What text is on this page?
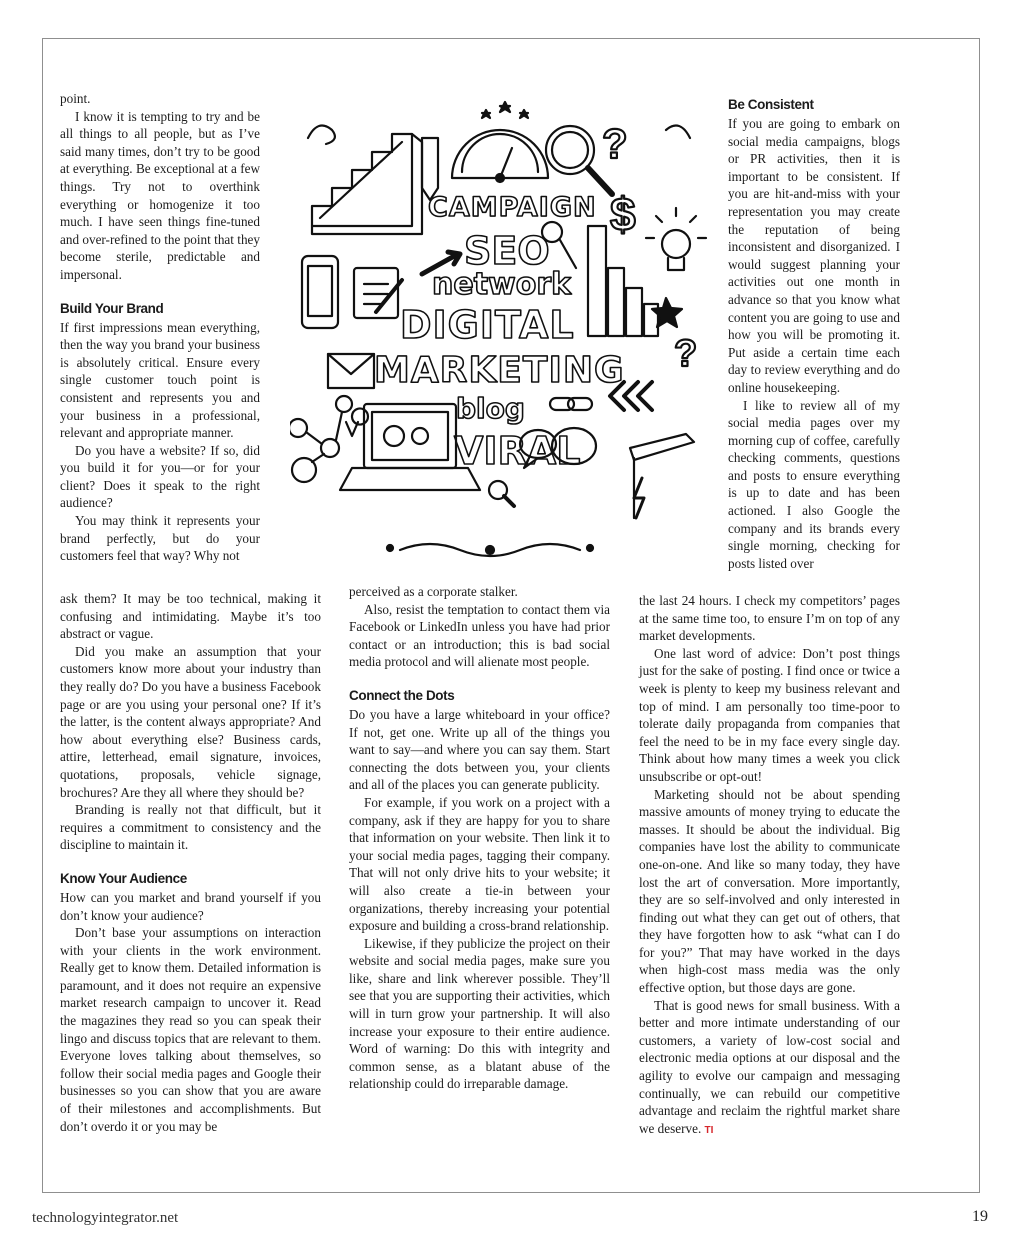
point.

I know it is tempting to try and be all things to all people, but as I’ve said many times, don’t try to be good at everything. Be exceptional at a few things. Try not to overthink everything or homogenize it too much. I have seen things fine-tuned and over-refined to the point that they become sterile, predictable and impersonal.

Build Your Brand

If first impressions mean everything, then the way you brand your business is absolutely critical. Ensure every single customer touch point is consistent and represents you and your business in a professional, relevant and appropriate manner.

Do you have a website? If so, did you build it for you—or for your client? Does it speak to the right audience?

You may think it represents your brand perfectly, but do your customers feel that way? Why not

ask them? It may be too technical, making it confusing and intimidating. Maybe it’s too abstract or vague.

Did you make an assumption that your customers know more about your industry than they really do? Do you have a business Facebook page or are you using your personal one? If it’s the latter, is the content always appropriate? And how about everything else? Business cards, attire, letterhead, email signature, invoices, quotations, proposals, vehicle signage, brochures? Are they all where they should be?

Branding is really not that difficult, but it requires a commitment to consistency and the discipline to maintain it.

Know Your Audience

How can you market and brand yourself if you don’t know your audience?

Don’t base your assumptions on interaction with your clients in the work environment. Really get to know them. Detailed information is paramount, and it does not require an expensive market research campaign to uncover it. Read the magazines they read so you can speak their lingo and discuss topics that are relevant to them. Everyone loves talking about themselves, so follow their social media pages and Google their businesses so you can show that you are aware of their milestones and accomplishments. But don’t overdo it or you may be

perceived as a corporate stalker.

Also, resist the temptation to contact them via Facebook or LinkedIn unless you have had prior contact or an introduction; this is bad social media protocol and will alienate most people.

Connect the Dots

Do you have a large whiteboard in your office? If not, get one. Write up all of the things you want to say—and where you can say them. Start connecting the dots between you, your clients and all of the places you can generate publicity.

For example, if you work on a project with a company, ask if they are happy for you to share that information on your website. Then link it to your social media pages, tagging their company. That will not only drive hits to your website; it will also create a tie-in between your organizations, thereby increasing your potential exposure and building a cross-brand relationship.

Likewise, if they publicize the project on their website and social media pages, make sure you like, share and link wherever possible. They’ll see that you are supporting their activities, which will in turn grow your partnership. It will also increase your exposure to their entire audience. Word of warning: Do this with integrity and common sense, as a blatant abuse of the relationship could do irreparable damage.

Be Consistent

If you are going to embark on social media campaigns, blogs or PR activities, then it is important to be consistent. If you are hit-and-miss with your representation you may create the reputation of being inconsistent and disorganized. I would suggest planning your activities out one month in advance so that you know what content you are going to use and how you will be promoting it. Put aside a certain time each day to review everything and do online housekeeping.

I like to review all of my social media pages over my morning cup of coffee, carefully checking comments, questions and posts to ensure everything is up to date and has been actioned. I also Google the company and its brands every single morning, checking for posts listed over

the last 24 hours. I check my competitors’ pages at the same time too, to ensure I’m on top of any market developments.

One last word of advice: Don’t post things just for the sake of posting. I find once or twice a week is plenty to keep my business relevant and top of mind. I am personally too time-poor to tolerate daily propaganda from companies that feel the need to be in my face every single day. Think about how many times a week you click unsubscribe or opt-out!

Marketing should not be about spending massive amounts of money trying to educate the masses. It should be about the individual. Big companies have lost the ability to communicate one-on-one. And like so many today, they have lost the art of conversation. More importantly, they are so self-involved and only interested in finding out what they can get out of others, that they have forgotten how to ask “what can I do for you?” That may have worked in the days when high-cost mass media was the only effective option, but those days are gone.

That is good news for small business. With a better and more intimate understanding of our customers, a variety of low-cost social and electronic media options at our disposal and the agility to evolve our campaign and messaging continually, we can rebuild our competitive advantage and reclaim the rightful market share we deserve. TI

?
?
$
CAMPAIGN
SEO
network
DIGITAL
MARKETING
blog
VIRAL
technologyintegrator.net	19
